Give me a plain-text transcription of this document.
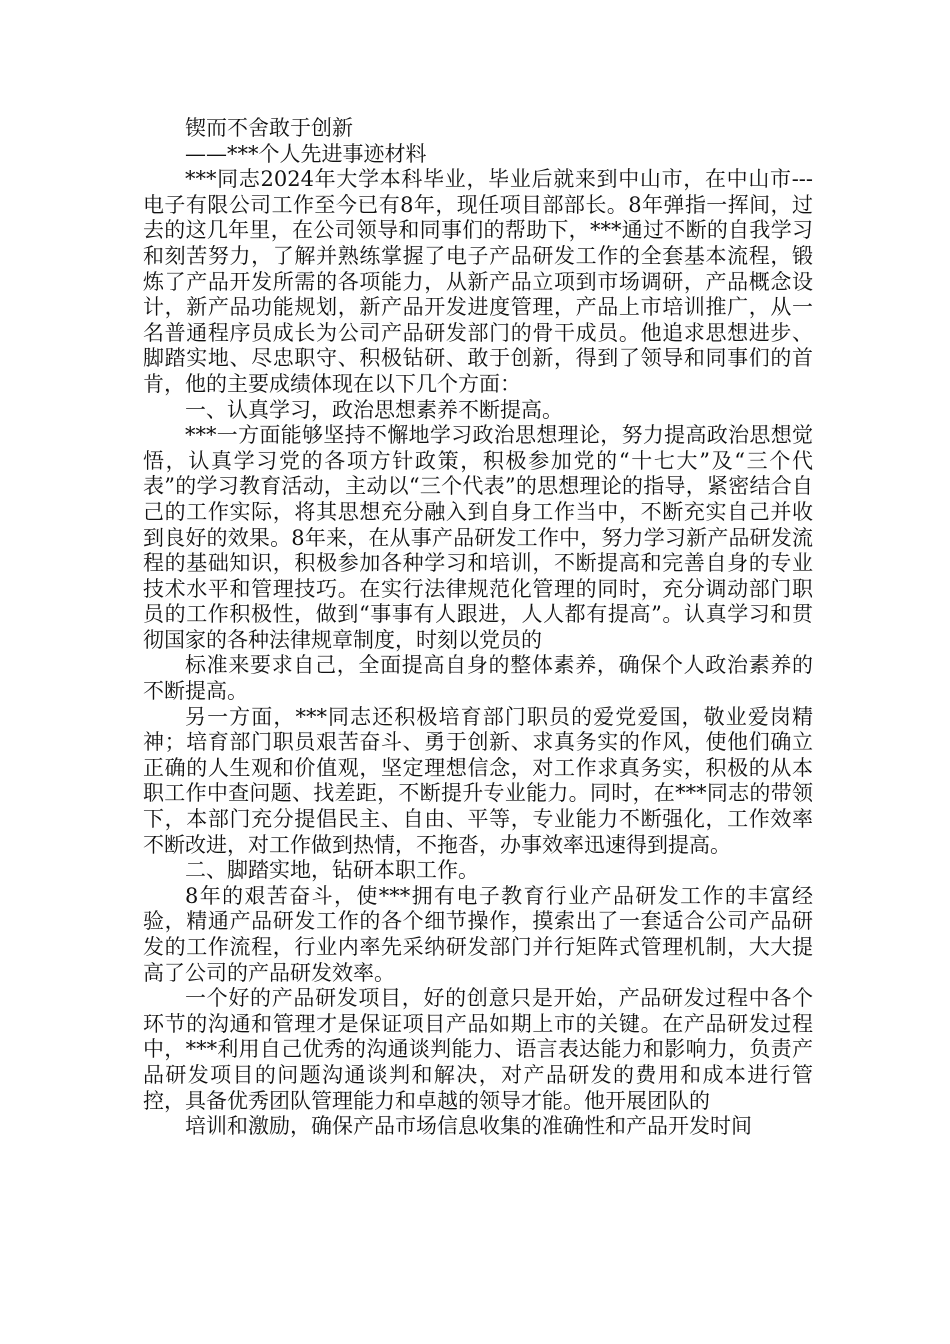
锲而不舍敢于创新

——***个人先进事迹材料

***同志2024年大学本科毕业，毕业后就来到中山市，在中山市---电子有限公司工作至今已有8年，现任项目部部长。8年弹指一挥间，过去的这几年里，在公司领导和同事们的帮助下，***通过不断的自我学习和刻苦努力，了解并熟练掌握了电子产品研发工作的全套基本流程，锻炼了产品开发所需的各项能力，从新产品立项到市场调研，产品概念设计，新产品功能规划，新产品开发进度管理，产品上市培训推广，从一名普通程序员成长为公司产品研发部门的骨干成员。他追求思想进步、脚踏实地、尽忠职守、积极钻研、敢于创新，得到了领导和同事们的首肯，他的主要成绩体现在以下几个方面：

一、认真学习，政治思想素养不断提高。

***一方面能够坚持不懈地学习政治思想理论，努力提高政治思想觉悟，认真学习党的各项方针政策，积极参加党的“十七大”及“三个代表”的学习教育活动，主动以“三个代表”的思想理论的指导，紧密结合自己的工作实际，将其思想充分融入到自身工作当中，不断充实自己并收到良好的效果。8年来，在从事产品研发工作中，努力学习新产品研发流程的基础知识，积极参加各种学习和培训，不断提高和完善自身的专业技术水平和管理技巧。在实行法律规范化管理的同时，充分调动部门职员的工作积极性，做到“事事有人跟进，人人都有提高”。认真学习和贯彻国家的各种法律规章制度，时刻以党员的

标准来要求自己，全面提高自身的整体素养，确保个人政治素养的不断提高。

另一方面，***同志还积极培育部门职员的爱党爱国，敬业爱岗精神；培育部门职员艰苦奋斗、勇于创新、求真务实的作风，使他们确立正确的人生观和价值观，坚定理想信念，对工作求真务实，积极的从本职工作中查问题、找差距，不断提升专业能力。同时，在***同志的带领下，本部门充分提倡民主、自由、平等，专业能力不断强化，工作效率不断改进，对工作做到热情，不拖沓，办事效率迅速得到提高。

二、脚踏实地，钻研本职工作。

8年的艰苦奋斗，使***拥有电子教育行业产品研发工作的丰富经验，精通产品研发工作的各个细节操作，摸索出了一套适合公司产品研发的工作流程，行业内率先采纳研发部门并行矩阵式管理机制，大大提高了公司的产品研发效率。

一个好的产品研发项目，好的创意只是开始，产品研发过程中各个环节的沟通和管理才是保证项目产品如期上市的关键。在产品研发过程中，***利用自己优秀的沟通谈判能力、语言表达能力和影响力，负责产品研发项目的问题沟通谈判和解决，对产品研发的费用和成本进行管控，具备优秀团队管理能力和卓越的领导才能。他开展团队的

培训和激励，确保产品市场信息收集的准确性和产品开发时间
